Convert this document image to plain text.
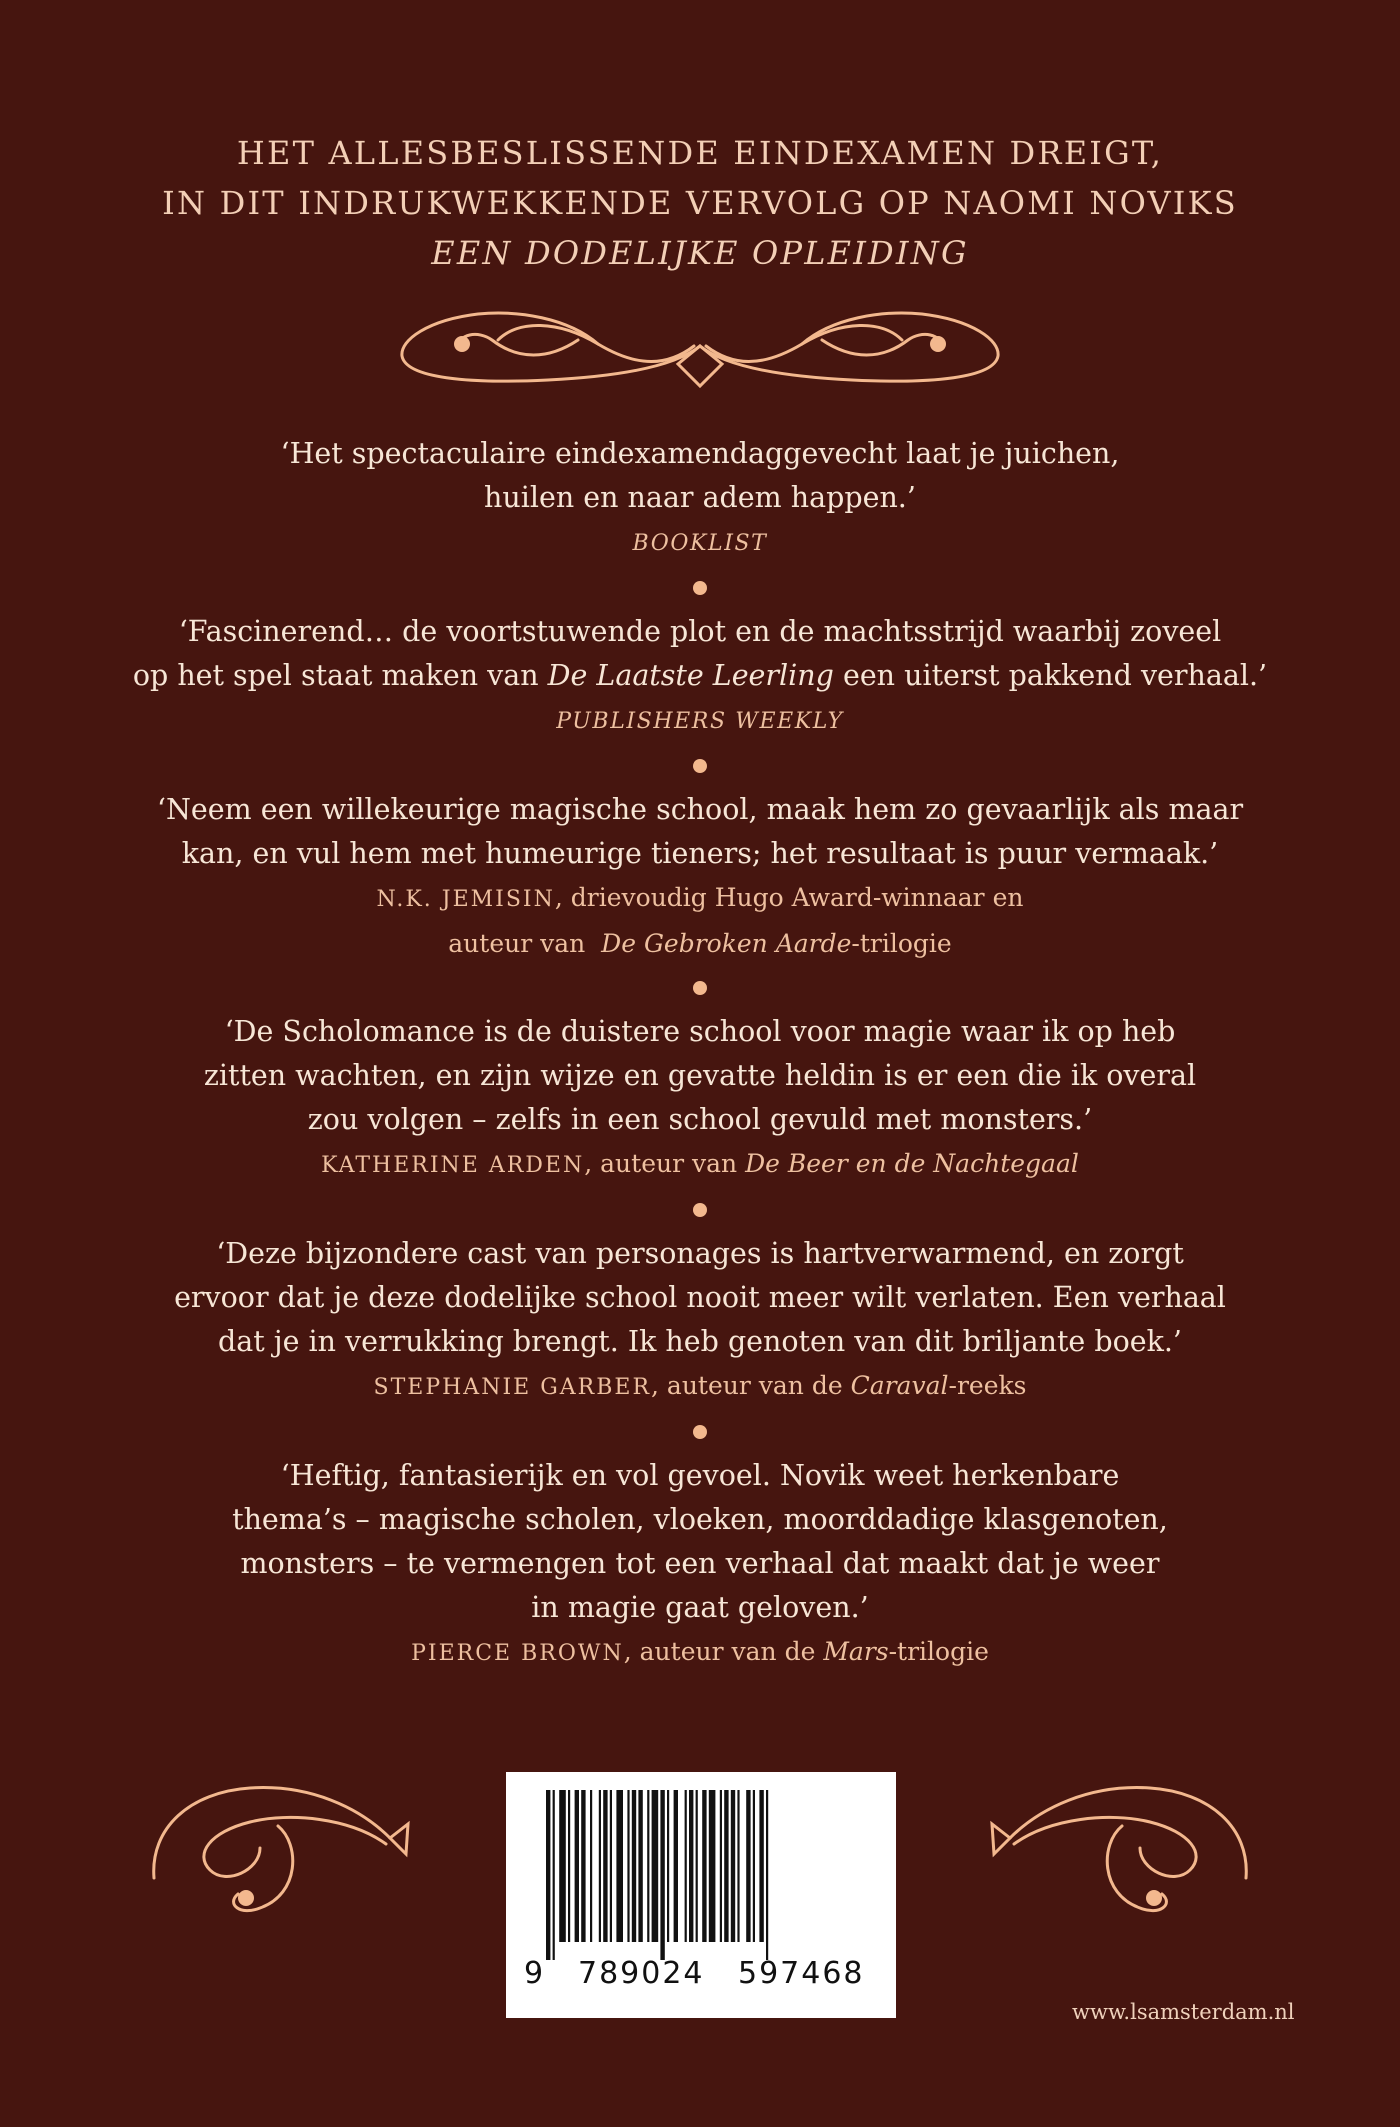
HET ALLESBESLISSENDE EINDEXAMEN DREIGT,
IN DIT INDRUKWEKKENDE VERVOLG OP NAOMI NOVIKS
EEN DODELIJKE OPLEIDING
‘Het spectaculaire eindexamendaggevecht laat je juichen,
huilen en naar adem happen.’
BOOKLIST
‘Fascinerend… de voortstuwende plot en de machtsstrijd waarbij zoveel
op het spel staat maken van De Laatste Leerling een uiterst pakkend verhaal.’
PUBLISHERS WEEKLY
‘Neem een willekeurige magische school, maak hem zo gevaarlijk als maar
kan, en vul hem met humeurige tieners; het resultaat is puur vermaak.’
N.K. JEMISIN, drievoudig Hugo Award-winnaar en
auteur van  De Gebroken Aarde-trilogie
‘De Scholomance is de duistere school voor magie waar ik op heb
zitten wachten, en zijn wijze en gevatte heldin is er een die ik overal
zou volgen – zelfs in een school gevuld met monsters.’
KATHERINE ARDEN, auteur van De Beer en de Nachtegaal
‘Deze bijzondere cast van personages is hartverwarmend, en zorgt
ervoor dat je deze dodelijke school nooit meer wilt verlaten. Een verhaal
dat je in verrukking brengt. Ik heb genoten van dit briljante boek.’
STEPHANIE GARBER, auteur van de Caraval-reeks
‘Heftig, fantasierijk en vol gevoel. Novik weet herkenbare
thema’s – magische scholen, vloeken, moorddadige klasgenoten,
monsters – te vermengen tot een verhaal dat maakt dat je weer
in magie gaat geloven.’
PIERCE BROWN, auteur van de Mars-trilogie
9 789024 597468
www.lsamsterdam.nl
